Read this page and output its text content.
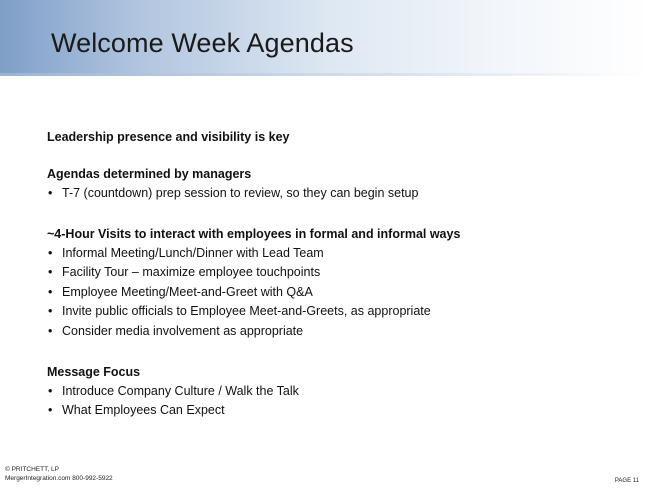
Welcome Week Agendas
Leadership presence and visibility is key
Agendas determined by managers
• T-7 (countdown) prep session to review, so they can begin setup
~4-Hour Visits to interact with employees in formal and informal ways
• Informal Meeting/Lunch/Dinner with Lead Team
• Facility Tour – maximize employee touchpoints
• Employee Meeting/Meet-and-Greet with Q&A
• Invite public officials to Employee Meet-and-Greets, as appropriate
• Consider media involvement as appropriate
Message Focus
• Introduce Company Culture / Walk the Talk
• What Employees Can Expect
© PRITCHETT, LP
MergerIntegration.com 800-992-5922	PAGE 11
